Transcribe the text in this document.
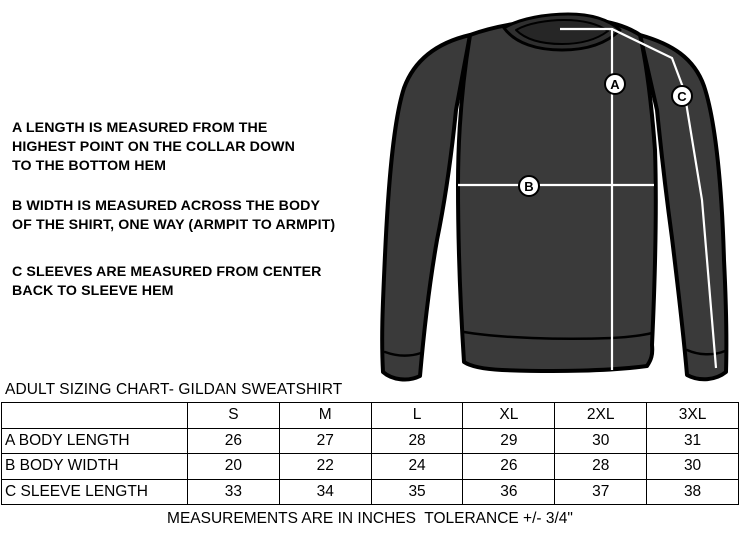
A LENGTH IS MEASURED FROM THE
HIGHEST POINT ON THE COLLAR DOWN
TO THE BOTTOM HEM
B WIDTH IS MEASURED ACROSS THE BODY
OF THE SHIRT, ONE WAY (ARMPIT TO ARMPIT)
C SLEEVES ARE MEASURED FROM CENTER
BACK TO SLEEVE HEM
A
B
C
ADULT SIZING CHART- GILDAN SWEATSHIRT
	S	M	L	XL	2XL	3XL
A BODY LENGTH	26	27	28	29	30	31
B BODY WIDTH	20	22	24	26	28	30
C SLEEVE LENGTH	33	34	35	36	37	38
MEASUREMENTS ARE IN INCHES  TOLERANCE +/- 3/4"
